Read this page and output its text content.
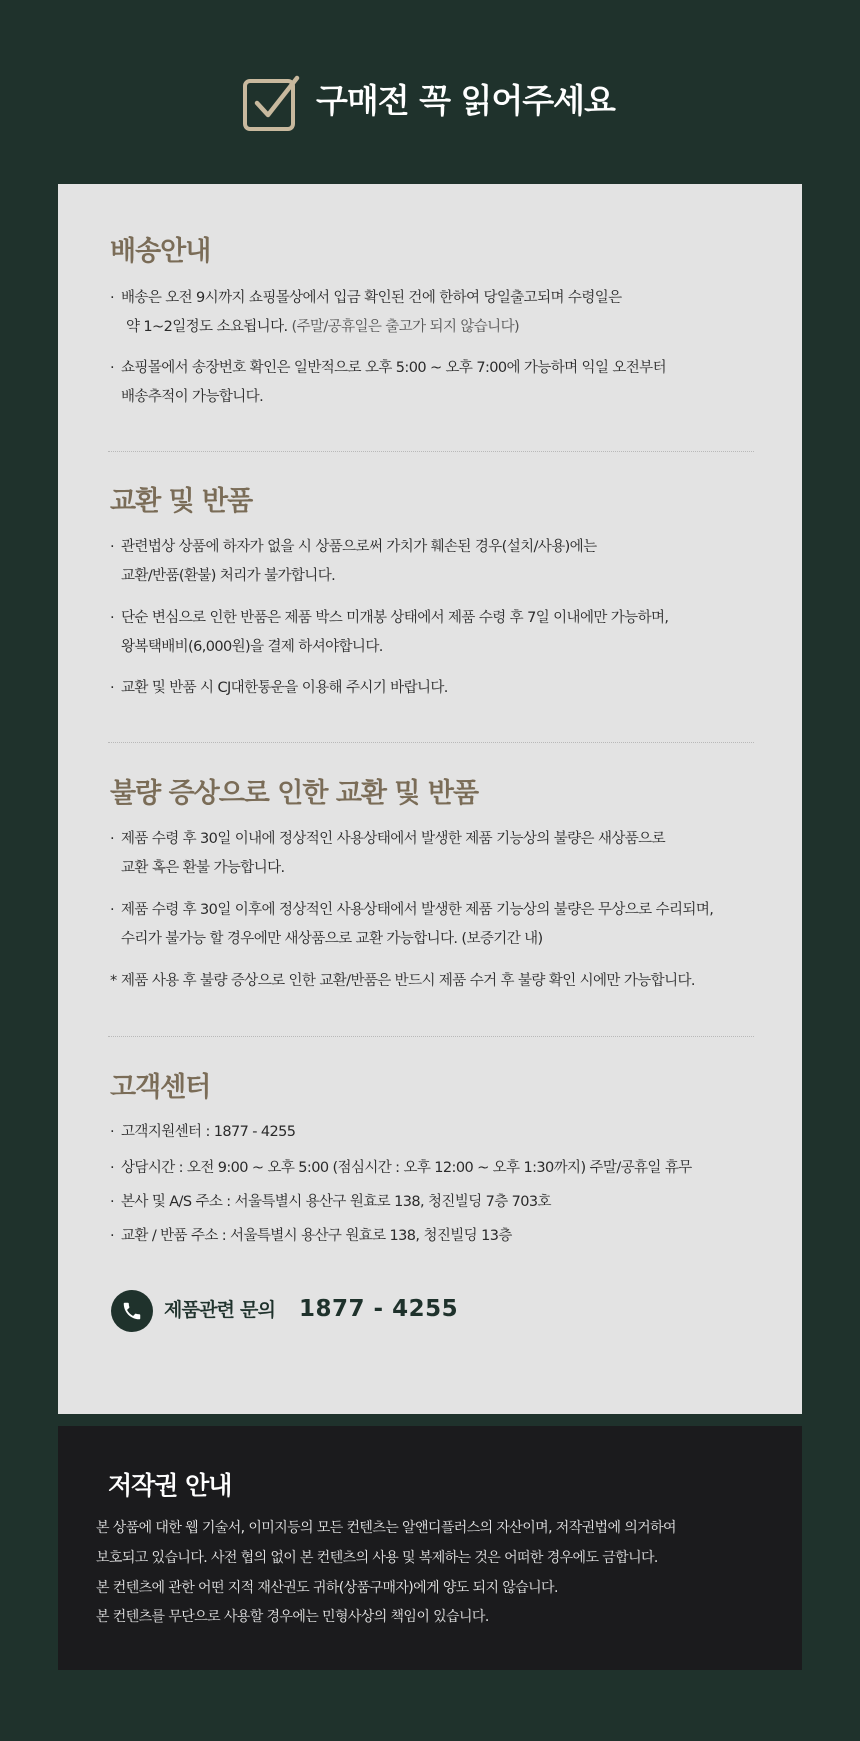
구매전 꼭 읽어주세요
배송안내
· 배송은 오전 9시까지 쇼핑몰상에서 입금 확인된 건에 한하여 당일출고되며 수령일은
약 1~2일정도 소요됩니다. (주말/공휴일은 출고가 되지 않습니다)
· 쇼핑몰에서 송장번호 확인은 일반적으로 오후 5:00 ~ 오후 7:00에 가능하며 익일 오전부터
배송추적이 가능합니다.
교환 및 반품
· 관련법상 상품에 하자가 없을 시 상품으로써 가치가 훼손된 경우(설치/사용)에는
교환/반품(환불) 처리가 불가합니다.
· 단순 변심으로 인한 반품은 제품 박스 미개봉 상태에서 제품 수령 후 7일 이내에만 가능하며,
왕복택배비(6,000원)을 결제 하셔야합니다.
· 교환 및 반품 시 CJ대한통운을 이용해 주시기 바랍니다.
불량 증상으로 인한 교환 및 반품
· 제품 수령 후 30일 이내에 정상적인 사용상태에서 발생한 제품 기능상의 불량은 새상품으로
교환 혹은 환불 가능합니다.
· 제품 수령 후 30일 이후에 정상적인 사용상태에서 발생한 제품 기능상의 불량은 무상으로 수리되며,
수리가 불가능 할 경우에만 새상품으로 교환 가능합니다. (보증기간 내)
* 제품 사용 후 불량 증상으로 인한 교환/반품은 반드시 제품 수거 후 불량 확인 시에만 가능합니다.
고객센터
· 고객지원센터 : 1877 - 4255
· 상담시간 : 오전 9:00 ~ 오후 5:00 (점심시간 : 오후 12:00 ~ 오후 1:30까지) 주말/공휴일 휴무
· 본사 및 A/S 주소 : 서울특별시 용산구 원효로 138, 청진빌딩 7층 703호
· 교환 / 반품 주소 : 서울특별시 용산구 원효로 138, 청진빌딩 13층
제품관련 문의 1877 - 4255
저작권 안내
본 상품에 대한 웹 기술서, 이미지등의 모든 컨텐츠는 알앤디플러스의 자산이며, 저작권법에 의거하여
보호되고 있습니다. 사전 협의 없이 본 컨텐츠의 사용 및 복제하는 것은 어떠한 경우에도 금합니다.
본 컨텐츠에 관한 어떤 지적 재산권도 귀하(상품구매자)에게 양도 되지 않습니다.
본 컨텐츠를 무단으로 사용할 경우에는 민형사상의 책임이 있습니다.
